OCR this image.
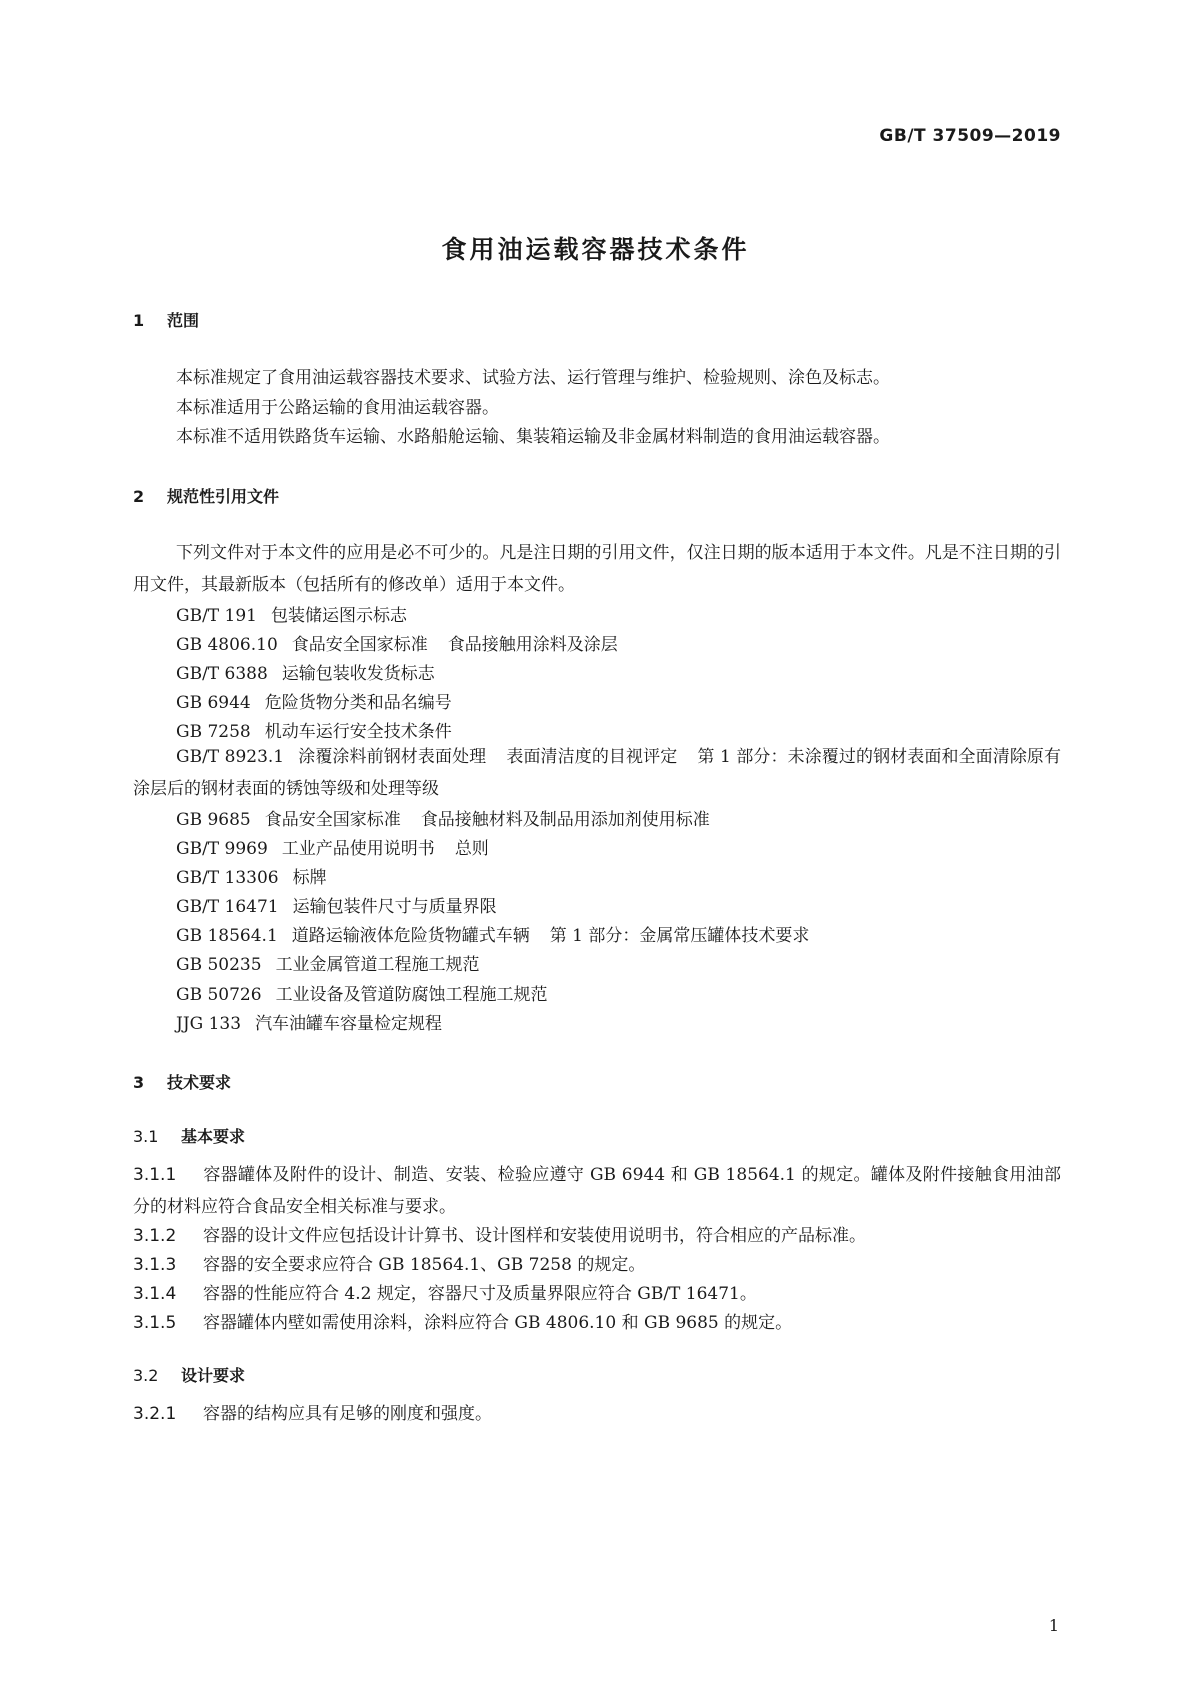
GB/T 37509—2019
食用油运载容器技术条件
1 范围
本标准规定了食用油运载容器技术要求、试验方法、运行管理与维护、检验规则、涂色及标志。
本标准适用于公路运输的食用油运载容器。
本标准不适用铁路货车运输、水路船舱运输、集装箱运输及非金属材料制造的食用油运载容器。
2 规范性引用文件
下列文件对于本文件的应用是必不可少的。凡是注日期的引用文件，仅注日期的版本适用于本文件。凡是不注日期的引用文件，其最新版本（包括所有的修改单）适用于本文件。
GB/T 191 包装储运图示标志
GB 4806.10 食品安全国家标准 食品接触用涂料及涂层
GB/T 6388 运输包装收发货标志
GB 6944 危险货物分类和品名编号
GB 7258 机动车运行安全技术条件
GB/T 8923.1 涂覆涂料前钢材表面处理 表面清洁度的目视评定 第 1 部分：未涂覆过的钢材表面和全面清除原有涂层后的钢材表面的锈蚀等级和处理等级
GB 9685 食品安全国家标准 食品接触材料及制品用添加剂使用标准
GB/T 9969 工业产品使用说明书 总则
GB/T 13306 标牌
GB/T 16471 运输包装件尺寸与质量界限
GB 18564.1 道路运输液体危险货物罐式车辆 第 1 部分：金属常压罐体技术要求
GB 50235 工业金属管道工程施工规范
GB 50726 工业设备及管道防腐蚀工程施工规范
JJG 133 汽车油罐车容量检定规程
3 技术要求
3.1 基本要求
3.1.1 容器罐体及附件的设计、制造、安装、检验应遵守 GB 6944 和 GB 18564.1 的规定。罐体及附件接触食用油部分的材料应符合食品安全相关标准与要求。
3.1.2 容器的设计文件应包括设计计算书、设计图样和安装使用说明书，符合相应的产品标准。
3.1.3 容器的安全要求应符合 GB 18564.1、GB 7258 的规定。
3.1.4 容器的性能应符合 4.2 规定，容器尺寸及质量界限应符合 GB/T 16471。
3.1.5 容器罐体内壁如需使用涂料，涂料应符合 GB 4806.10 和 GB 9685 的规定。
3.2 设计要求
3.2.1 容器的结构应具有足够的刚度和强度。
1
